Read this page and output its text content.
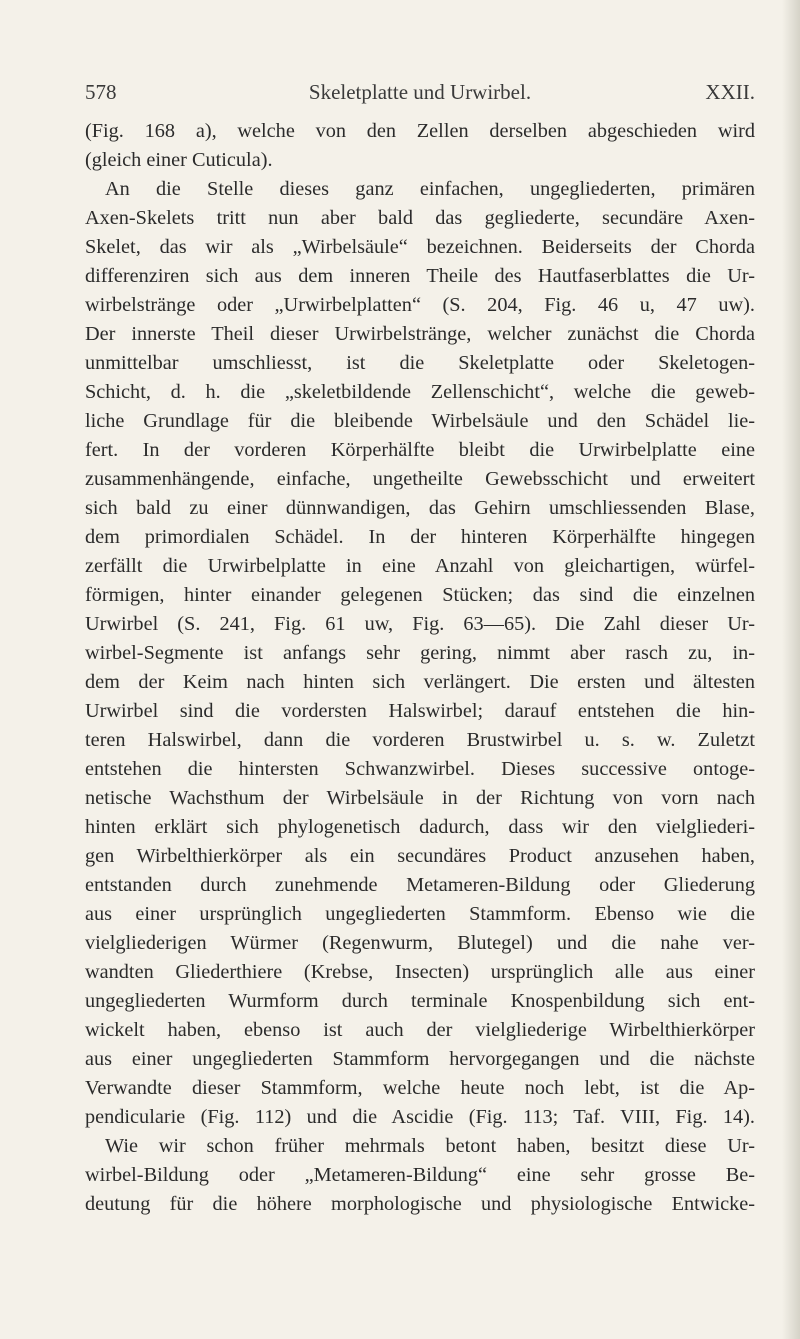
578	Skeletplatte und Urwirbel.	XXII.
(Fig. 168 a), welche von den Zellen derselben abgeschieden wird
(gleich einer Cuticula).
An die Stelle dieses ganz einfachen, ungegliederten, primären
Axen-Skelets tritt nun aber bald das gegliederte, secundäre Axen-
Skelet, das wir als „Wirbelsäule“ bezeichnen. Beiderseits der Chorda
differenziren sich aus dem inneren Theile des Hautfaserblattes die Ur-
wirbelstränge oder „Urwirbelplatten“ (S. 204, Fig. 46 u, 47 uw).
Der innerste Theil dieser Urwirbelstränge, welcher zunächst die Chorda
unmittelbar umschliesst, ist die Skeletplatte oder Skeletogen-
Schicht, d. h. die „skeletbildende Zellenschicht“, welche die geweb-
liche Grundlage für die bleibende Wirbelsäule und den Schädel lie-
fert. In der vorderen Körperhälfte bleibt die Urwirbelplatte eine
zusammenhängende, einfache, ungetheilte Gewebsschicht und erweitert
sich bald zu einer dünnwandigen, das Gehirn umschliessenden Blase,
dem primordialen Schädel. In der hinteren Körperhälfte hingegen
zerfällt die Urwirbelplatte in eine Anzahl von gleichartigen, würfel-
förmigen, hinter einander gelegenen Stücken; das sind die einzelnen
Urwirbel (S. 241, Fig. 61 uw, Fig. 63—65). Die Zahl dieser Ur-
wirbel-Segmente ist anfangs sehr gering, nimmt aber rasch zu, in-
dem der Keim nach hinten sich verlängert. Die ersten und ältesten
Urwirbel sind die vordersten Halswirbel; darauf entstehen die hin-
teren Halswirbel, dann die vorderen Brustwirbel u. s. w. Zuletzt
entstehen die hintersten Schwanzwirbel. Dieses successive ontoge-
netische Wachsthum der Wirbelsäule in der Richtung von vorn nach
hinten erklärt sich phylogenetisch dadurch, dass wir den vielgliederi-
gen Wirbelthierkörper als ein secundäres Product anzusehen haben,
entstanden durch zunehmende Metameren-Bildung oder Gliederung
aus einer ursprünglich ungegliederten Stammform. Ebenso wie die
vielgliederigen Würmer (Regenwurm, Blutegel) und die nahe ver-
wandten Gliederthiere (Krebse, Insecten) ursprünglich alle aus einer
ungegliederten Wurmform durch terminale Knospenbildung sich ent-
wickelt haben, ebenso ist auch der vielgliederige Wirbelthierkörper
aus einer ungegliederten Stammform hervorgegangen und die nächste
Verwandte dieser Stammform, welche heute noch lebt, ist die Ap-
pendicularie (Fig. 112) und die Ascidie (Fig. 113; Taf. VIII, Fig. 14).
Wie wir schon früher mehrmals betont haben, besitzt diese Ur-
wirbel-Bildung oder „Metameren-Bildung“ eine sehr grosse Be-
deutung für die höhere morphologische und physiologische Entwicke-
